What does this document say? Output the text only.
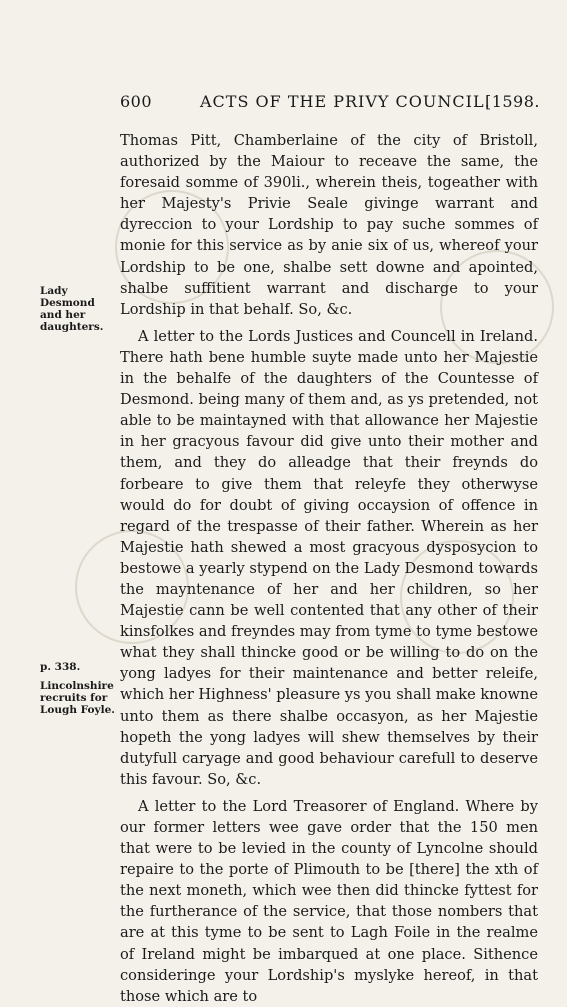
600	ACTS OF THE PRIVY COUNCIL.
[1598.
Lady Desmond and her daughters.
p. 338.
Lincolnshire recruits for Lough Foyle.

Thomas Pitt, Chamberlaine of the city of Bristoll, authorized by the Maiour to receave the same, the foresaid somme of 390li., wherein theis, togeather with her Majesty's Privie Seale givinge warrant and dyreccion to your Lordship to pay suche sommes of monie for this service as by anie six of us, whereof your Lordship to be one, shalbe sett downe and apointed, shalbe suffitient warrant and discharge to your Lordship in that behalf. So, &c.

A letter to the Lords Justices and Councell in Ireland. There hath bene humble suyte made unto her Majestie in the behalfe of the daughters of the Countesse of Desmond. being many of them and, as ys pretended, not able to be maintayned with that allowance her Majestie in her gracyous favour did give unto their mother and them, and they do alleadge that their freynds do forbeare to give them that releyfe they otherwyse would do for doubt of giving occaysion of offence in regard of the trespasse of their father. Wherein as her Majestie hath shewed a most gracyous dysposycion to bestowe a yearly stypend on the Lady Desmond towards the mayntenance of her and her children, so her Majestie cann be well contented that any other of their kinsfolkes and freyndes may from tyme to tyme bestowe what they shall thincke good or be willing to do on the yong ladyes for their maintenance and better releife, which her Highness' pleasure ys you shall make knowne unto them as there shalbe occasyon, as her Majestie hopeth the yong ladyes will shew themselves by their dutyfull caryage and good behaviour carefull to deserve this favour. So, &c.

A letter to the Lord Treasorer of England. Where by our former letters wee gave order that the 150 men that were to be levied in the county of Lyncolne should repaire to the porte of Plimouth to be [there] the xth of the next moneth, which wee then did thincke fyttest for the furtherance of the service, that those nombers that are at this tyme to be sent to Lagh Foile in the realme of Ireland might be imbarqued at one place. Sithence consideringe your Lordship's myslyke hereof, in that those which are to
